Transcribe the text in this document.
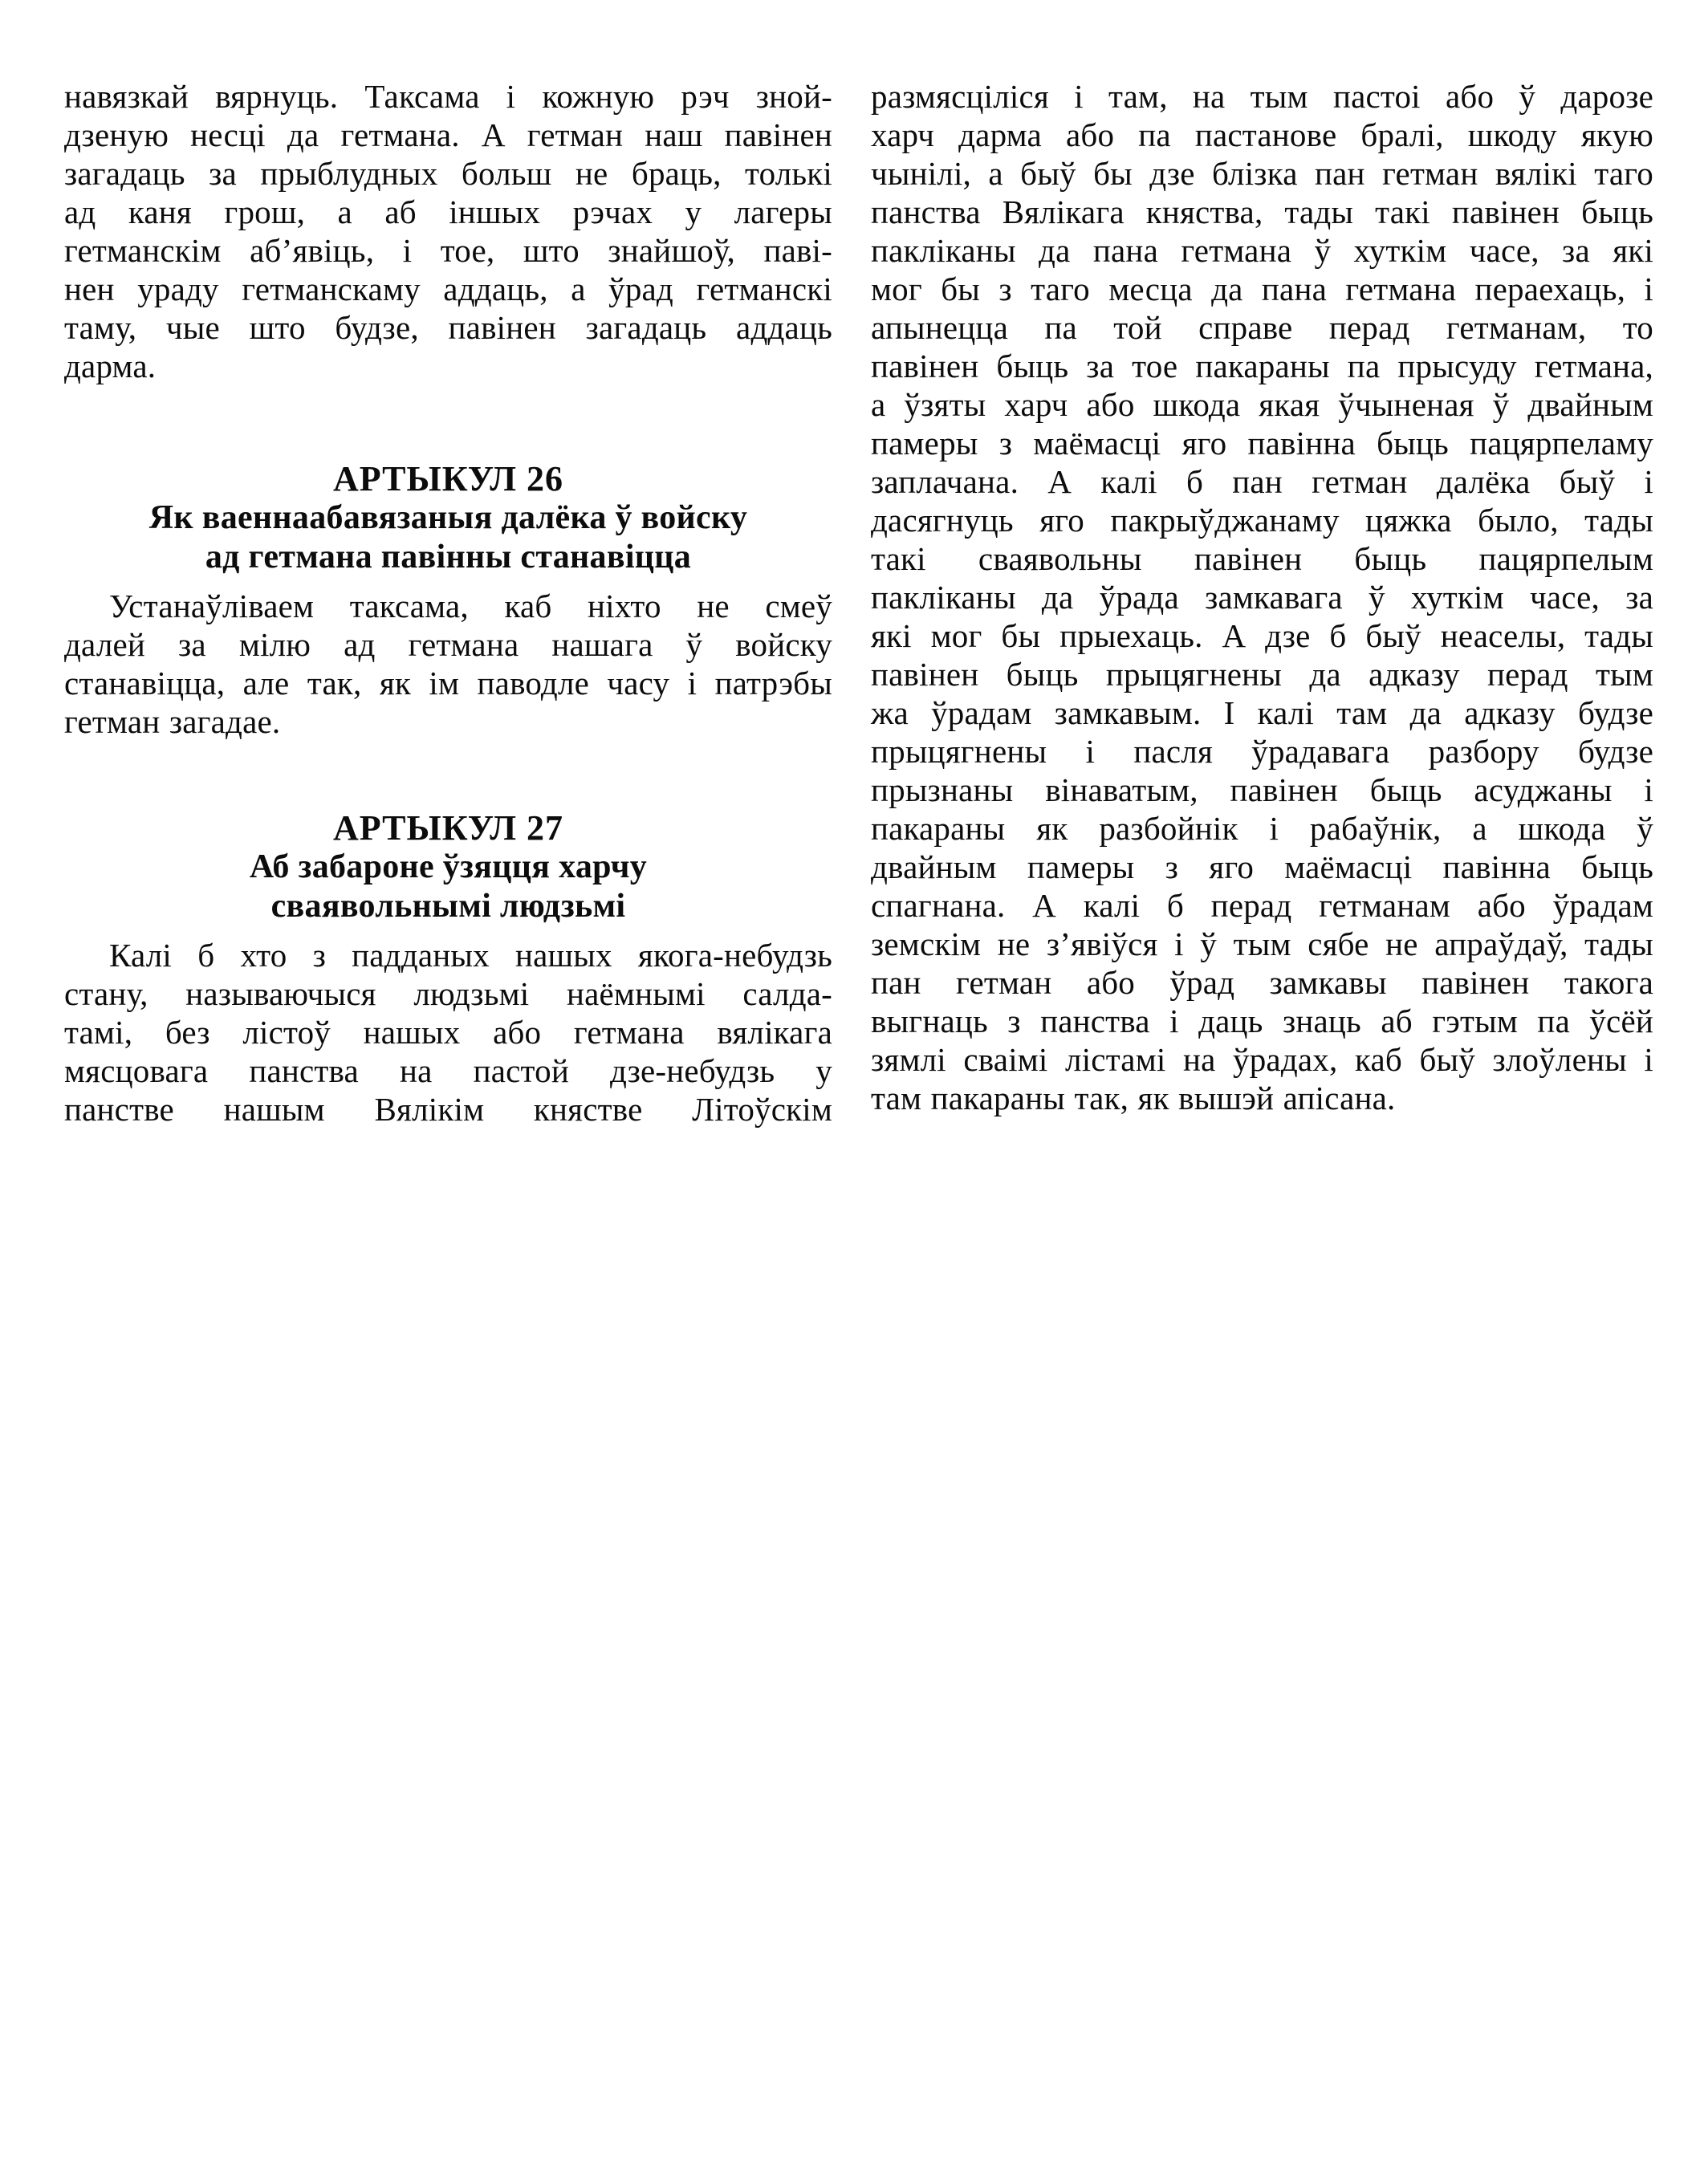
навязкай вярнуць. Таксама і кожную рэч зной-
дзеную несці да гетмана. А гетман наш павінен
загадаць за прыблудных больш не браць, толькі
ад каня грош, а аб іншых рэчах у лагеры
гетманскім аб’явіць, і тое, што знайшоў, паві-
нен ураду гетманскаму аддаць, а ўрад гетманскі
таму, чые што будзе, павінен загадаць аддаць
дарма.
АРТЫКУЛ 26
Як ваеннаабавязаныя далёка ў войску
ад гетмана павінны станавіцца
Устанаўліваем таксама, каб ніхто не смеў
далей за мілю ад гетмана нашага ў войску
станавіцца, але так, як ім паводле часу і патрэбы
гетман загадае.
АРТЫКУЛ 27
Аб забароне ўзяцця харчу
сваявольнымі людзьмі
Калі б хто з падданых нашых якога-небудзь
стану, называючыся людзьмі наёмнымі салда-
тамі, без лістоў нашых або гетмана вялікага
мясцовага панства на пастой дзе-небудзь у
панстве нашым Вялікім княстве Літоўскім
размясціліся і там, на тым пастоі або ў дарозе
харч дарма або па пастанове бралі, шкоду якую
чынілі, а быў бы дзе блізка пан гетман вялікі таго
панства Вялікага княства, тады такі павінен быць
пакліканы да пана гетмана ў хуткім часе, за які
мог бы з таго месца да пана гетмана пераехаць, і
апынецца па той справе перад гетманам, то
павінен быць за тое пакараны па прысуду гетмана,
а ўзяты харч або шкода якая ўчыненая ў двайным
памеры з маёмасці яго павінна быць пацярпеламу
заплачана. А калі б пан гетман далёка быў і
дасягнуць яго пакрыўджанаму цяжка было, тады
такі сваявольны павінен быць пацярпелым
пакліканы да ўрада замкавага ў хуткім часе, за
які мог бы прыехаць. А дзе б быў неаселы, тады
павінен быць прыцягнены да адказу перад тым
жа ўрадам замкавым. І калі там да адказу будзе
прыцягнены і пасля ўрадавага разбору будзе
прызнаны вінаватым, павінен быць асуджаны і
пакараны як разбойнік і рабаўнік, а шкода ў
двайным памеры з яго маёмасці павінна быць
спагнана. А калі б перад гетманам або ўрадам
земскім не з’явіўся і ў тым сябе не апраўдаў, тады
пан гетман або ўрад замкавы павінен такога
выгнаць з панства і даць знаць аб гэтым па ўсёй
зямлі сваімі лістамі на ўрадах, каб быў злоўлены і
там пакараны так, як вышэй апісана.
